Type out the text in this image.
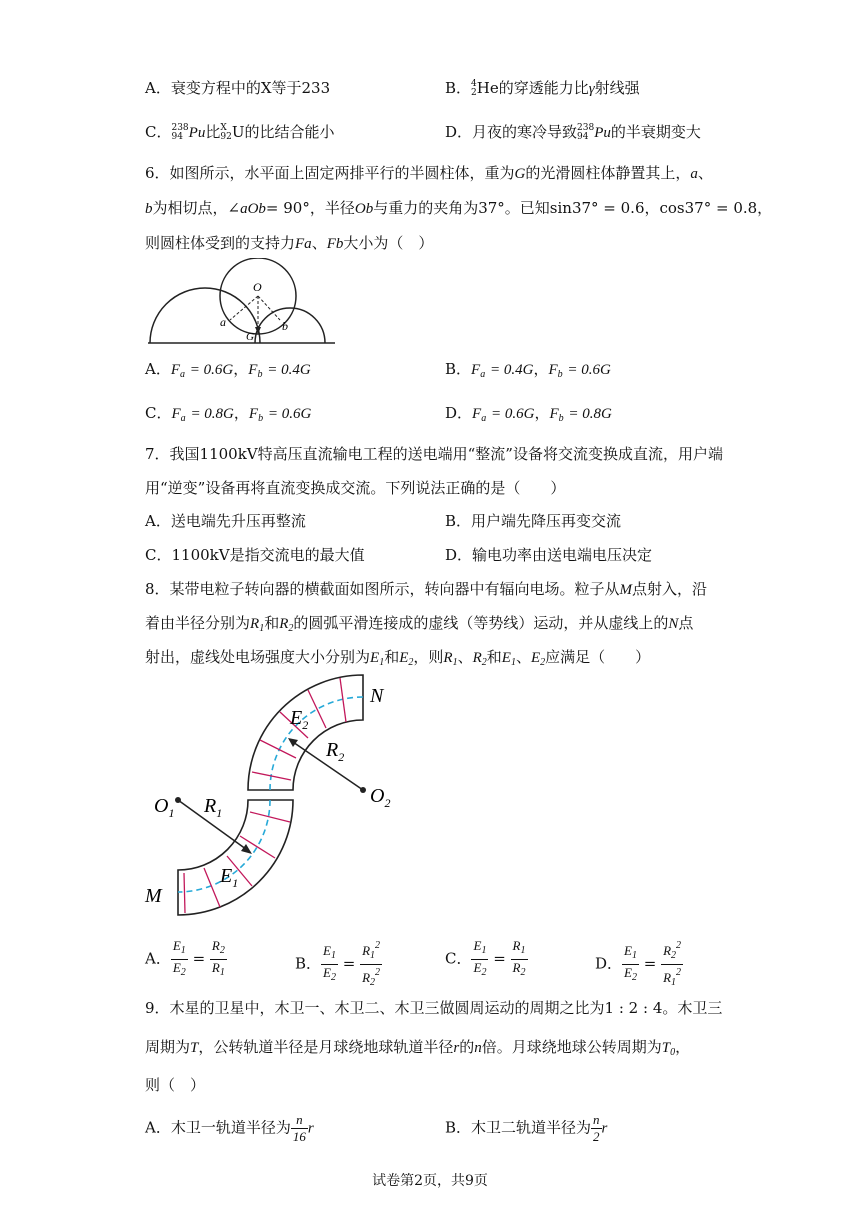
A．衰变方程中的X等于233	B． 4
2 He的穿透能力比γ射线强
C． 238
94 Pu比 X
92 U的比结合能小	D．月夜的寒冷导致 238
94 Pu的半衰期变大
6．如图所示，水平面上固定两排平行的半圆柱体，重为G的光滑圆柱体静置其上，a、
b为相切点，∠aOb= 90°，半径Ob与重力的夹角为37°。已知sin37° = 0.6，cos37° = 0.8，
则圆柱体受到的支持力Fa、Fb大小为（　）
O
a	b
G
A．$F_a = 0.6G$，$F_b = 0.4G$	B．$F_a = 0.4G$，$F_b = 0.6G$
C．$F_a = 0.8G$，$F_b = 0.6G$	D．$F_a = 0.6G$，$F_b = 0.8G$
7．我国1100kV特高压直流输电工程的送电端用“整流”设备将交流变换成直流，用户端
用“逆变”设备再将直流变换成交流。下列说法正确的是（　　）
A．送电端先升压再整流	B．用户端先降压再变交流
C．1100kV是指交流电的最大值	D．输电功率由送电端电压决定
8．某带电粒子转向器的横截面如图所示，转向器中有辐向电场。粒子从M点射入，沿
着由半径分别为$R_1$和$R_2$的圆弧平滑连接成的虚线（等势线）运动，并从虚线上的N点
射出，虚线处电场强度大小分别为$E_1$和$E_2$，则$R_1$、$R_2$和$E_1$、$E_2$应满足（　　）
$O_1$
$O_2$
$R_1$
$R_2$
$E_1$
$E_2$
M
N
A． $\frac{E_1}{E_2} = \frac{R_2}{R_1}$	B． $\frac{E_1}{E_2} = \frac{R_1^2}{R_2^2}$	C． $\frac{E_1}{E_2} = \frac{R_1}{R_2}$	D． $\frac{E_1}{E_2} = \frac{R_2^2}{R_1^2}$
9．木星的卫星中，木卫一、木卫二、木卫三做圆周运动的周期之比为1 : 2 : 4。木卫三
周期为T，公转轨道半径是月球绕地球轨道半径r的n倍。月球绕地球公转周期为$T_0$，
则（　）
A．木卫一轨道半径为 $\frac{n}{16}$ r	B．木卫二轨道半径为 $\frac{n}{2}$ r
试卷第2页，共9页
